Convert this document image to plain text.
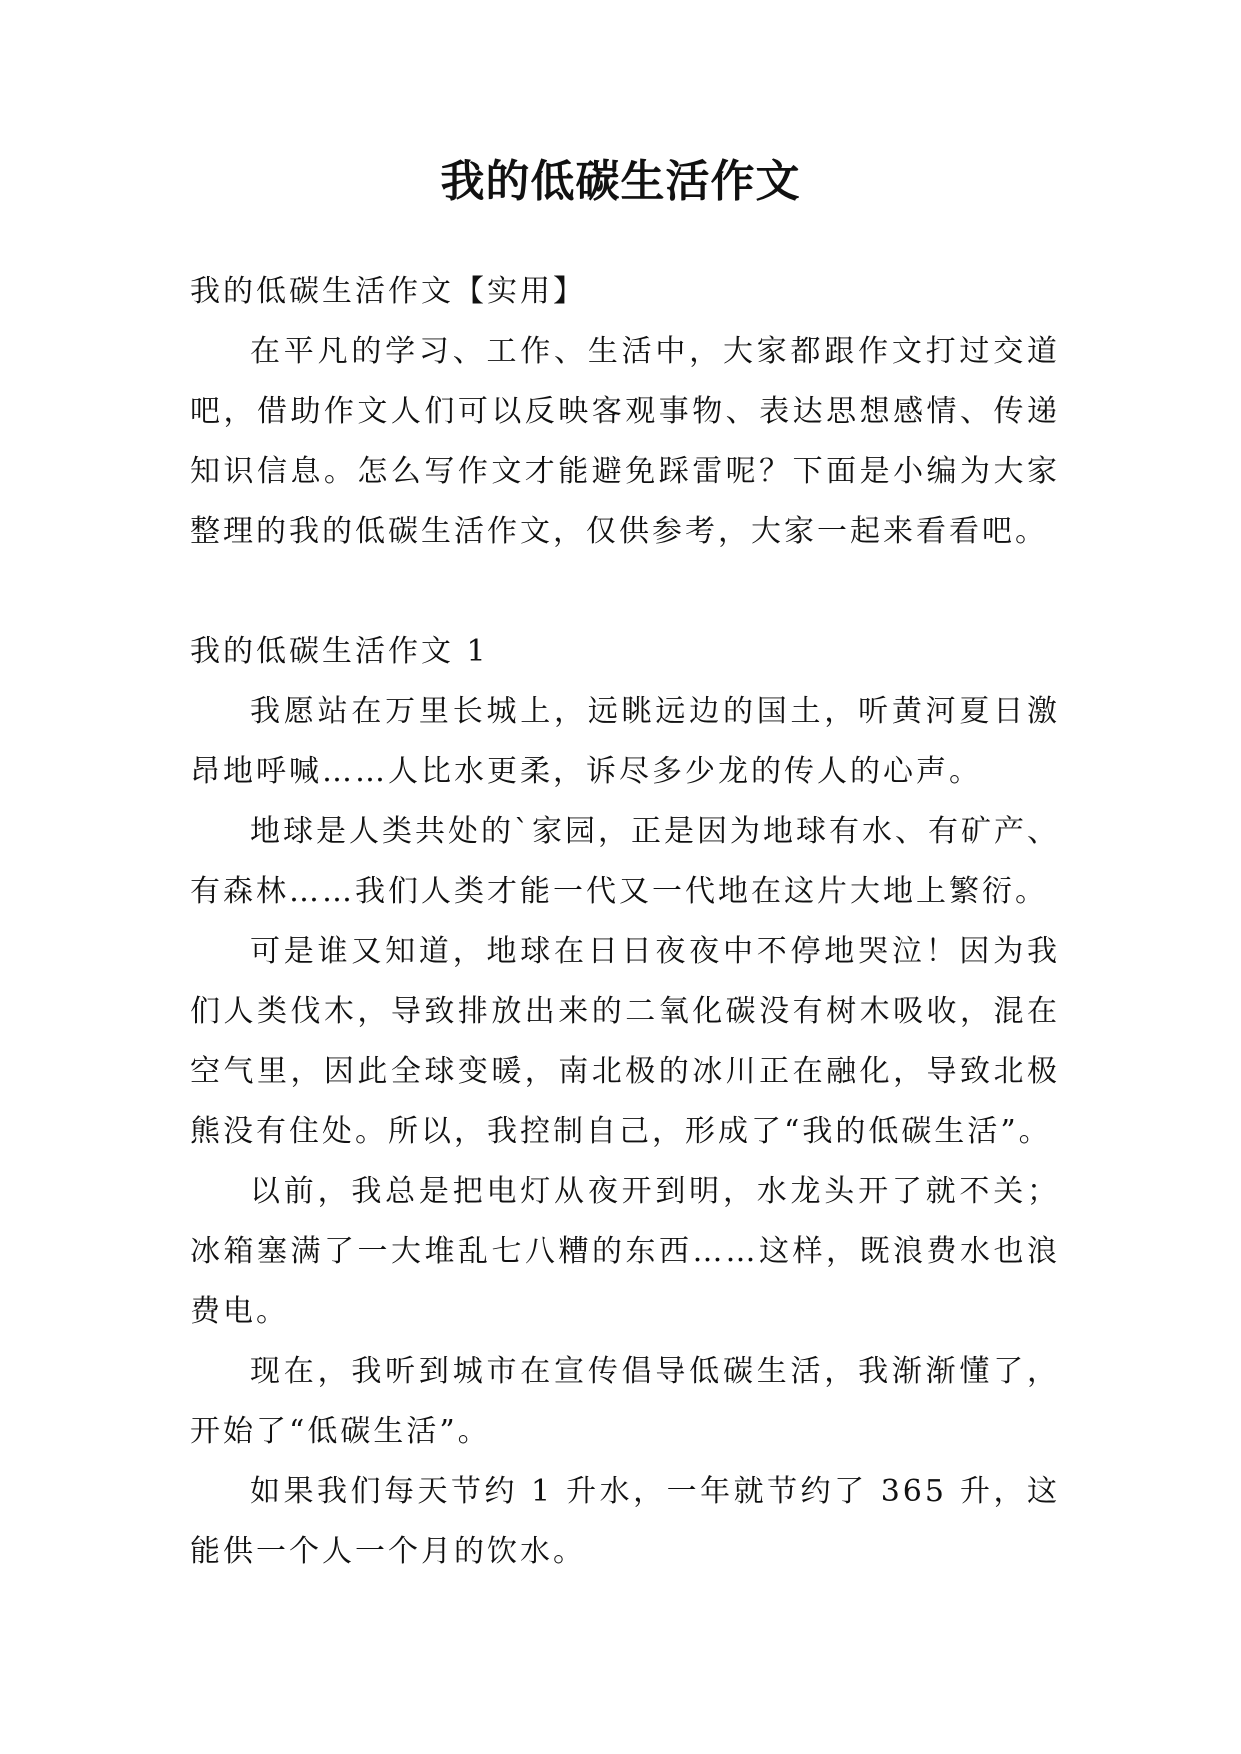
我的低碳生活作文

我的低碳生活作文【实用】

在平凡的学习、工作、生活中，大家都跟作文打过交道吧，借助作文人们可以反映客观事物、表达思想感情、传递知识信息。怎么写作文才能避免踩雷呢？下面是小编为大家整理的我的低碳生活作文，仅供参考，大家一起来看看吧。

我的低碳生活作文 1

我愿站在万里长城上，远眺远边的国土，听黄河夏日激昂地呼喊……人比水更柔，诉尽多少龙的传人的心声。

地球是人类共处的`家园，正是因为地球有水、有矿产、有森林……我们人类才能一代又一代地在这片大地上繁衍。

可是谁又知道，地球在日日夜夜中不停地哭泣！因为我们人类伐木，导致排放出来的二氧化碳没有树木吸收，混在空气里，因此全球变暖，南北极的冰川正在融化，导致北极熊没有住处。所以，我控制自己，形成了“我的低碳生活”。

以前，我总是把电灯从夜开到明，水龙头开了就不关；冰箱塞满了一大堆乱七八糟的东西……这样，既浪费水也浪费电。

现在，我听到城市在宣传倡导低碳生活，我渐渐懂了，开始了“低碳生活”。

如果我们每天节约 1 升水，一年就节约了 365 升，这能供一个人一个月的饮水。
